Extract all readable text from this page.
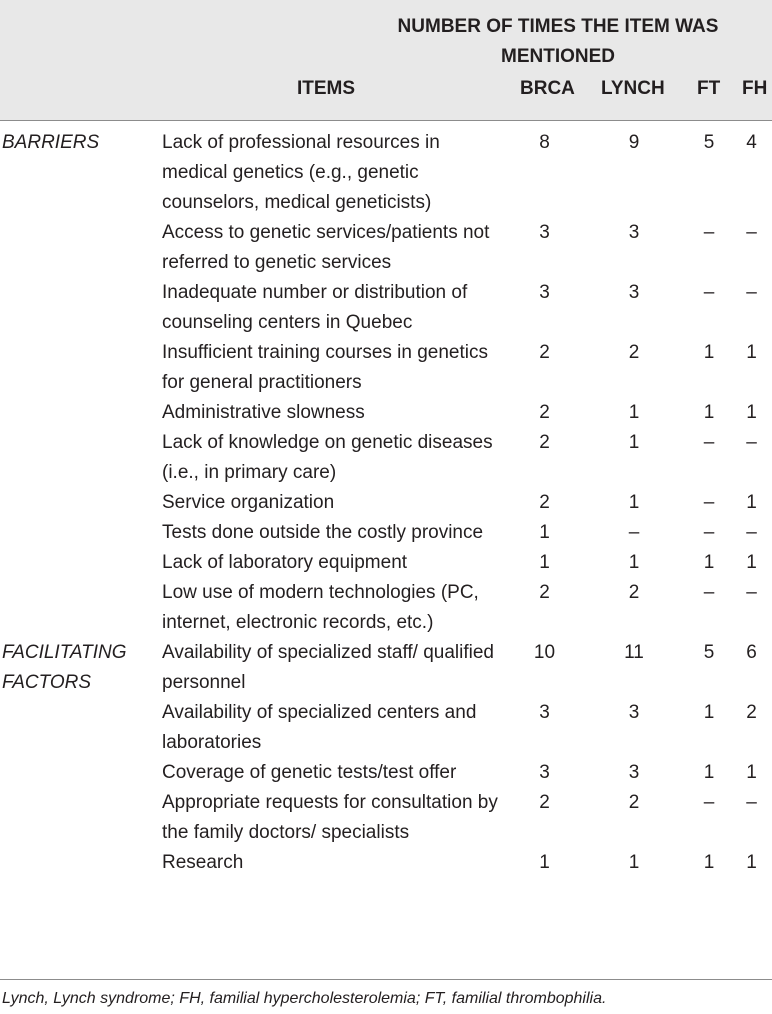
NUMBER OF TIMES THE ITEM WAS MENTIONED
ITEMS	BRCA LYNCH FT FH
BARRIERS	Lack of professional resources in medical genetics (e.g., genetic counselors, medical geneticists)	8	9	5	4
	Access to genetic services/patients not referred to genetic services	3	3	–	–
	Inadequate number or distribution of counseling centers in Quebec	3	3	–	–
	Insufficient training courses in genetics for general practitioners	2	2	1	1
	Administrative slowness	2	1	1	1
	Lack of knowledge on genetic diseases (i.e., in primary care)	2	1	–	–
	Service organization	2	1	–	1
	Tests done outside the costly province	1	–	–	–
	Lack of laboratory equipment	1	1	1	1
	Low use of modern technologies (PC, internet, electronic records, etc.)	2	2	–	–
FACILITATING FACTORS	Availability of specialized staff/ qualified personnel	10	11	5	6
	Availability of specialized centers and laboratories	3	3	1	2
	Coverage of genetic tests/test offer	3	3	1	1
	Appropriate requests for consultation by the family doctors/ specialists	2	2	–	–
	Research	1	1	1	1
Lynch, Lynch syndrome; FH, familial hypercholesterolemia; FT, familial thrombophilia.
